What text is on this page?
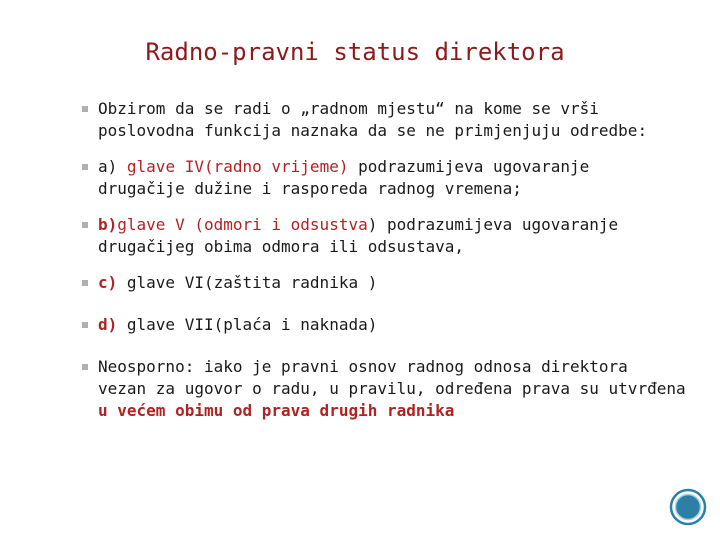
Radno-pravni status direktora
Obzirom da se radi o „radnom mjestu“ na kome se vrši
poslovodna funkcija naznaka da se ne primjenjuju odredbe:
a) glave IV(radno vrijeme) podrazumijeva ugovaranje
drugačije dužine i rasporeda radnog vremena;
b)glave V (odmori i odsustva) podrazumijeva ugovaranje
drugačijeg obima odmora ili odsustava,
c) glave VI(zaštita radnika )
d) glave VII(plaća i naknada)
Neosporno: iako je pravni osnov radnog odnosa direktora
vezan za ugovor o radu, u pravilu, određena prava su utvrđena
u većem obimu od prava drugih radnika
